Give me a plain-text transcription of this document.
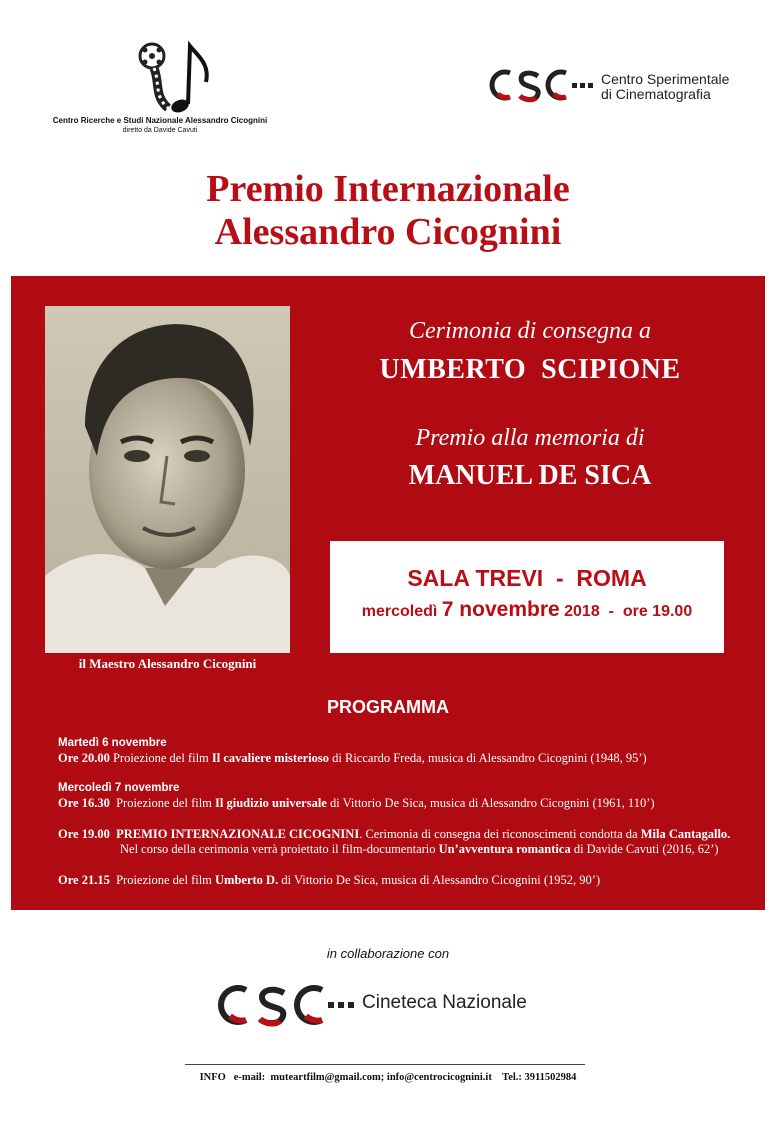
Centro Ricerche e Studi Nazionale Alessandro Cicognini
diretto da Davide Cavuti
Centro Sperimentale
di Cinematografia
Premio Internazionale
Alessandro Cicognini
il Maestro Alessandro Cicognini
Cerimonia di consegna a
UMBERTO  SCIPIONE
Premio alla memoria di
MANUEL DE SICA
SALA TREVI  -  ROMA
mercoledì 7 novembre 2018  -  ore 19.00
PROGRAMMA
Martedì 6 novembre
Ore 20.00 Proiezione del film Il cavaliere misterioso di Riccardo Freda, musica di Alessandro Cicognini (1948, 95’)
Mercoledì 7 novembre
Ore 16.30  Proiezione del film Il giudizio universale di Vittorio De Sica, musica di Alessandro Cicognini (1961, 110’)
Ore 19.00  PREMIO INTERNAZIONALE CICOGNINI. Cerimonia di consegna dei riconoscimenti condotta da Mila Cantagallo.
Nel corso della cerimonia verrà proiettato il film-documentario Un’avventura romantica di Davide Cavuti (2016, 62’)
Ore 21.15  Proiezione del film Umberto D. di Vittorio De Sica, musica di Alessandro Cicognini (1952, 90’)
in collaborazione con
Cineteca Nazionale
INFO   e-mail:  muteartfilm@gmail.com; info@centrocicognini.it    Tel.: 3911502984
